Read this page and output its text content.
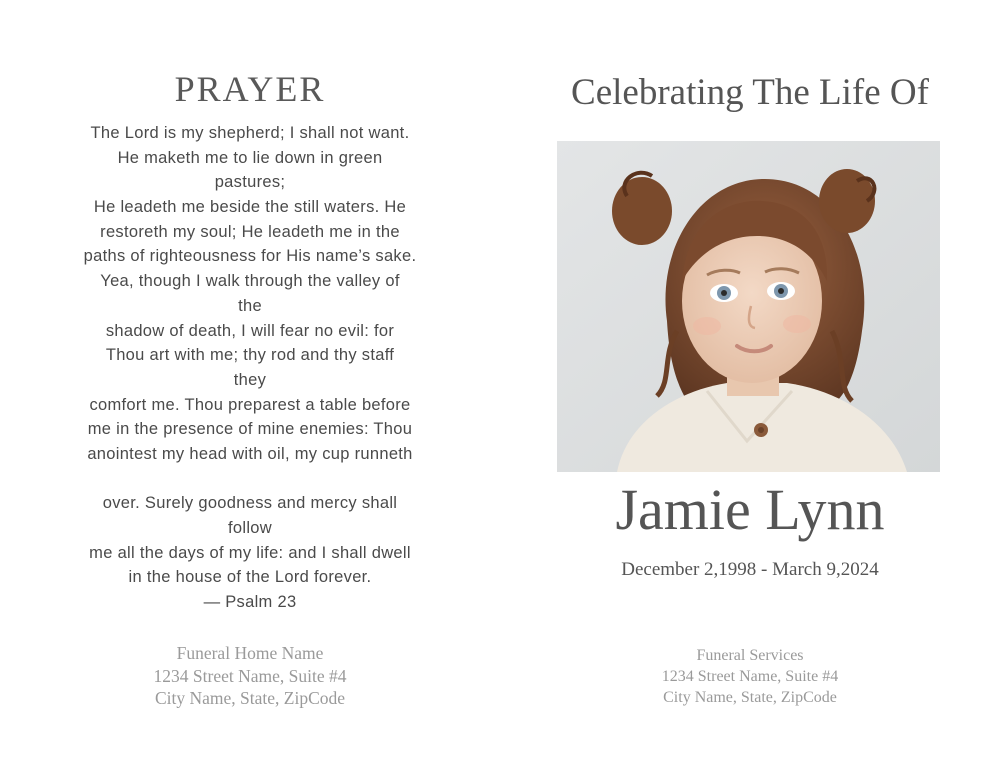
PRAYER
The Lord is my shepherd; I shall not want.
He maketh me to lie down in green
pastures;
He leadeth me beside the still waters. He
restoreth my soul; He leadeth me in the
paths of righteousness for His name’s sake.
Yea, though I walk through the valley of
the
shadow of death, I will fear no evil: for
Thou art with me; thy rod and thy staff
they
comfort me. Thou preparest a table before
me in the presence of mine enemies: Thou
anointest my head with oil, my cup runneth
over. Surely goodness and mercy shall
follow
me all the days of my life: and I shall dwell
in the house of the Lord forever.
— Psalm 23
Funeral Home Name
1234 Street Name, Suite #4
City Name, State, ZipCode
Celebrating The Life Of
Jamie Lynn
December 2,1998 - March 9,2024
Funeral Services
1234 Street Name, Suite #4
City Name, State, ZipCode
